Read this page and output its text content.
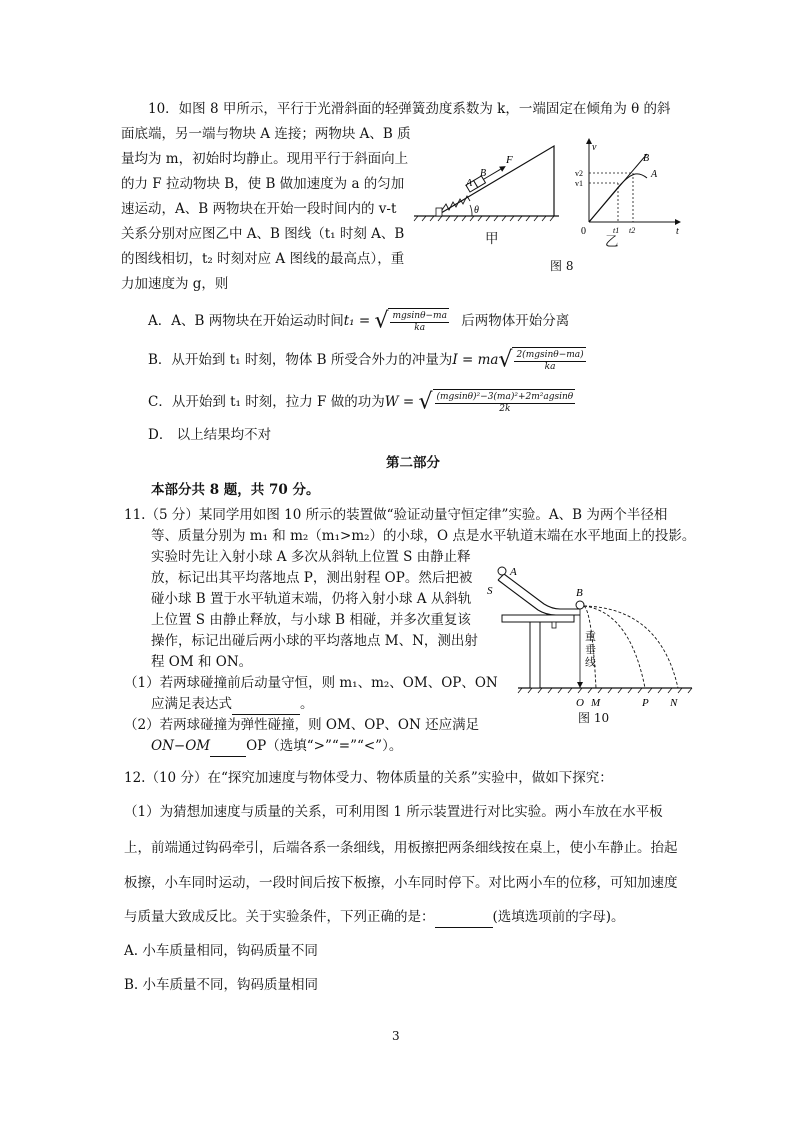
10．如图 8 甲所示，平行于光滑斜面的轻弹簧劲度系数为 k，一端固定在倾角为 θ 的斜
面底端，另一端与物块 A 连接；两物块 A、B 质
量均为 m，初始时均静止。现用平行于斜面向上
的力 F 拉动物块 B，使 B 做加速度为 a 的匀加
速运动，A、B 两物块在开始一段时间内的 v-t
关系分别对应图乙中 A、B 图线（t₁ 时刻 A、B
的图线相切，t₂ 时刻对应 A 图线的最高点），重
力加速度为 g，则
A
B
F
θ
甲
v
t
0
v2
v1
t1 t2
B
A
乙
图 8
A．A、B 两物块在开始运动时间t₁ = √ $\frac{mgsin\theta-ma}{ka}$ 后两物体开始分离
B．从开始到 t₁ 时刻，物体 B 所受合外力的冲量为$I = ma√ \frac{2(mgsin\theta-ma)}{ka}$
C．从开始到 t₁ 时刻，拉力 F 做的功为W = √ $\frac{\text{(mgsinθ)²−3(ma)²+2m²agsinθ}}{2k}$
D． 以上结果均不对
第二部分
本部分共 8 题，共 70 分。
11.（5 分）某同学用如图 10 所示的装置做“验证动量守恒定律”实验。A、B 为两个半径相
等、质量分别为 m₁ 和 m₂（m₁>m₂）的小球，O 点是水平轨道末端在水平地面上的投影。
实验时先让入射小球 A 多次从斜轨上位置 S 由静止释
放，标记出其平均落地点 P，测出射程 OP。然后把被
碰小球 B 置于水平轨道末端，仍将入射小球 A 从斜轨
上位置 S 由静止释放，与小球 B 相碰，并多次重复该
操作，标记出碰后两小球的平均落地点 M、N，测出射
程 OM 和 ON。
（1）若两球碰撞前后动量守恒，则 m₁、m₂、OM、OP、ON
应满足表达式	。
（2）若两球碰撞为弹性碰撞，则 OM、OP、ON 还应满足
ON−OM	OP（选填“>”“=”“<”）。
A
S	B
O M	P N
重垂线
图 10
12.（10 分）在“探究加速度与物体受力、物体质量的关系”实验中，做如下探究：
（1）为猜想加速度与质量的关系，可利用图 1 所示装置进行对比实验。两小车放在水平板
上，前端通过钩码牵引，后端各系一条细线，用板擦把两条细线按在桌上，使小车静止。抬起
板擦，小车同时运动，一段时间后按下板擦，小车同时停下。对比两小车的位移，可知加速度
与质量大致成反比。关于实验条件，下列正确的是：	(选填选项前的字母)。
A. 小车质量相同，钩码质量不同
B. 小车质量不同，钩码质量相同
3
